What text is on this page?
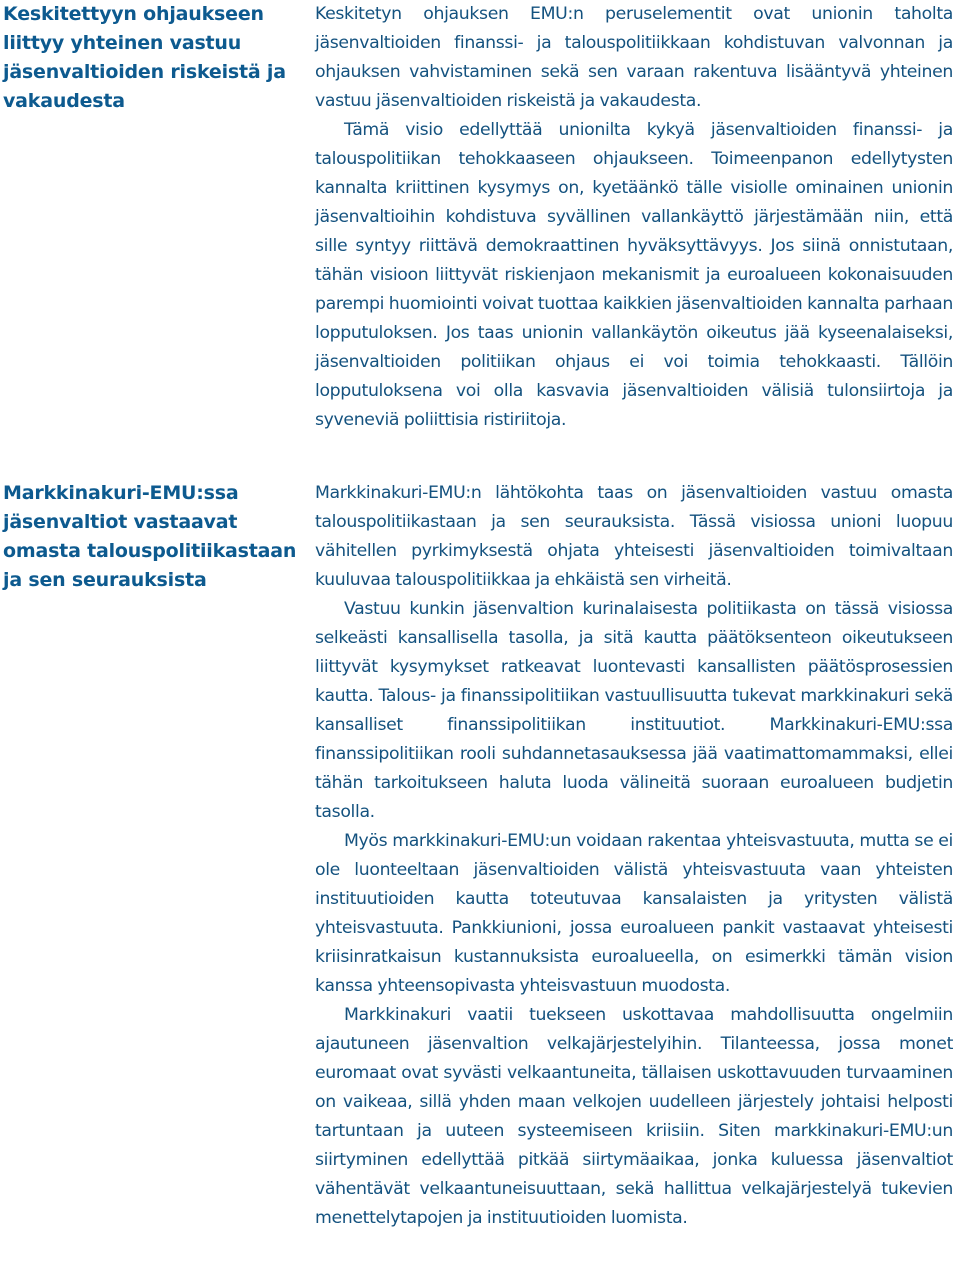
Keskitettyyn ohjaukseen liittyy yhteinen vastuu jäsenvaltioiden riskeistä ja vakaudesta

Keskitetyn ohjauksen EMU:n peruselementit ovat unionin taholta jäsenvaltioiden finanssi- ja talouspolitiikkaan kohdistuvan valvonnan ja ohjauksen vahvistaminen sekä sen varaan rakentuva lisääntyvä yhteinen vastuu jäsenvaltioiden riskeistä ja vakaudesta.

Tämä visio edellyttää unionilta kykyä jäsenvaltioiden finanssi- ja talouspolitiikan tehokkaaseen ohjaukseen. Toimeenpanon edellytysten kannalta kriittinen kysymys on, kyetäänkö tälle visiolle ominainen unionin jäsenvaltioihin kohdistuva syvällinen vallankäyttö järjestämään niin, että sille syntyy riittävä demokraattinen hyväksyttävyys. Jos siinä onnistutaan, tähän visioon liittyvät riskienjaon mekanismit ja euroalueen kokonaisuuden parempi huomiointi voivat tuottaa kaikkien jäsenvaltioiden kannalta parhaan lopputuloksen. Jos taas unionin vallankäytön oikeutus jää kyseenalaiseksi, jäsenvaltioiden politiikan ohjaus ei voi toimia tehokkaasti. Tällöin lopputuloksena voi olla kasvavia jäsenvaltioiden välisiä tulonsiirtoja ja syveneviä poliittisia ristiriitoja.

Markkinakuri-EMU:ssa jäsenvaltiot vastaavat omasta talouspolitiikastaan ja sen seurauksista

Markkinakuri-EMU:n lähtökohta taas on jäsenvaltioiden vastuu omasta talouspolitiikastaan ja sen seurauksista. Tässä visiossa unioni luopuu vähitellen pyrkimyksestä ohjata yhteisesti jäsenvaltioiden toimivaltaan kuuluvaa talouspolitiikkaa ja ehkäistä sen virheitä.

Vastuu kunkin jäsenvaltion kurinalaisesta politiikasta on tässä visiossa selkeästi kansallisella tasolla, ja sitä kautta päätöksenteon oikeutukseen liittyvät kysymykset ratkeavat luontevasti kansallisten päätösprosessien kautta. Talous- ja finanssipolitiikan vastuullisuutta tukevat markkinakuri sekä kansalliset finanssipolitiikan instituutiot. Markkinakuri-EMU:ssa finanssipolitiikan rooli suhdannetasauksessa jää vaatimattomammaksi, ellei tähän tarkoitukseen haluta luoda välineitä suoraan euroalueen budjetin tasolla.

Myös markkinakuri-EMU:un voidaan rakentaa yhteisvastuuta, mutta se ei ole luonteeltaan jäsenvaltioiden välistä yhteisvastuuta vaan yhteisten instituutioiden kautta toteutuvaa kansalaisten ja yritysten välistä yhteisvastuuta. Pankkiunioni, jossa euroalueen pankit vastaavat yhteisesti kriisinratkaisun kustannuksista euroalueella, on esimerkki tämän vision kanssa yhteensopivasta yhteisvastuun muodosta.

Markkinakuri vaatii tuekseen uskottavaa mahdollisuutta ongelmiin ajautuneen jäsenvaltion velkajärjestelyihin. Tilanteessa, jossa monet euromaat ovat syvästi velkaantuneita, tällaisen uskottavuuden turvaaminen on vaikeaa, sillä yhden maan velkojen uudelleen järjestely johtaisi helposti tartuntaan ja uuteen systeemiseen kriisiin. Siten markkinakuri-EMU:un siirtyminen edellyttää pitkää siirtymäaikaa, jonka kuluessa jäsenvaltiot vähentävät velkaantuneisuuttaan, sekä hallittua velkajärjestelyä tukevien menettelytapojen ja instituutioiden luomista.
